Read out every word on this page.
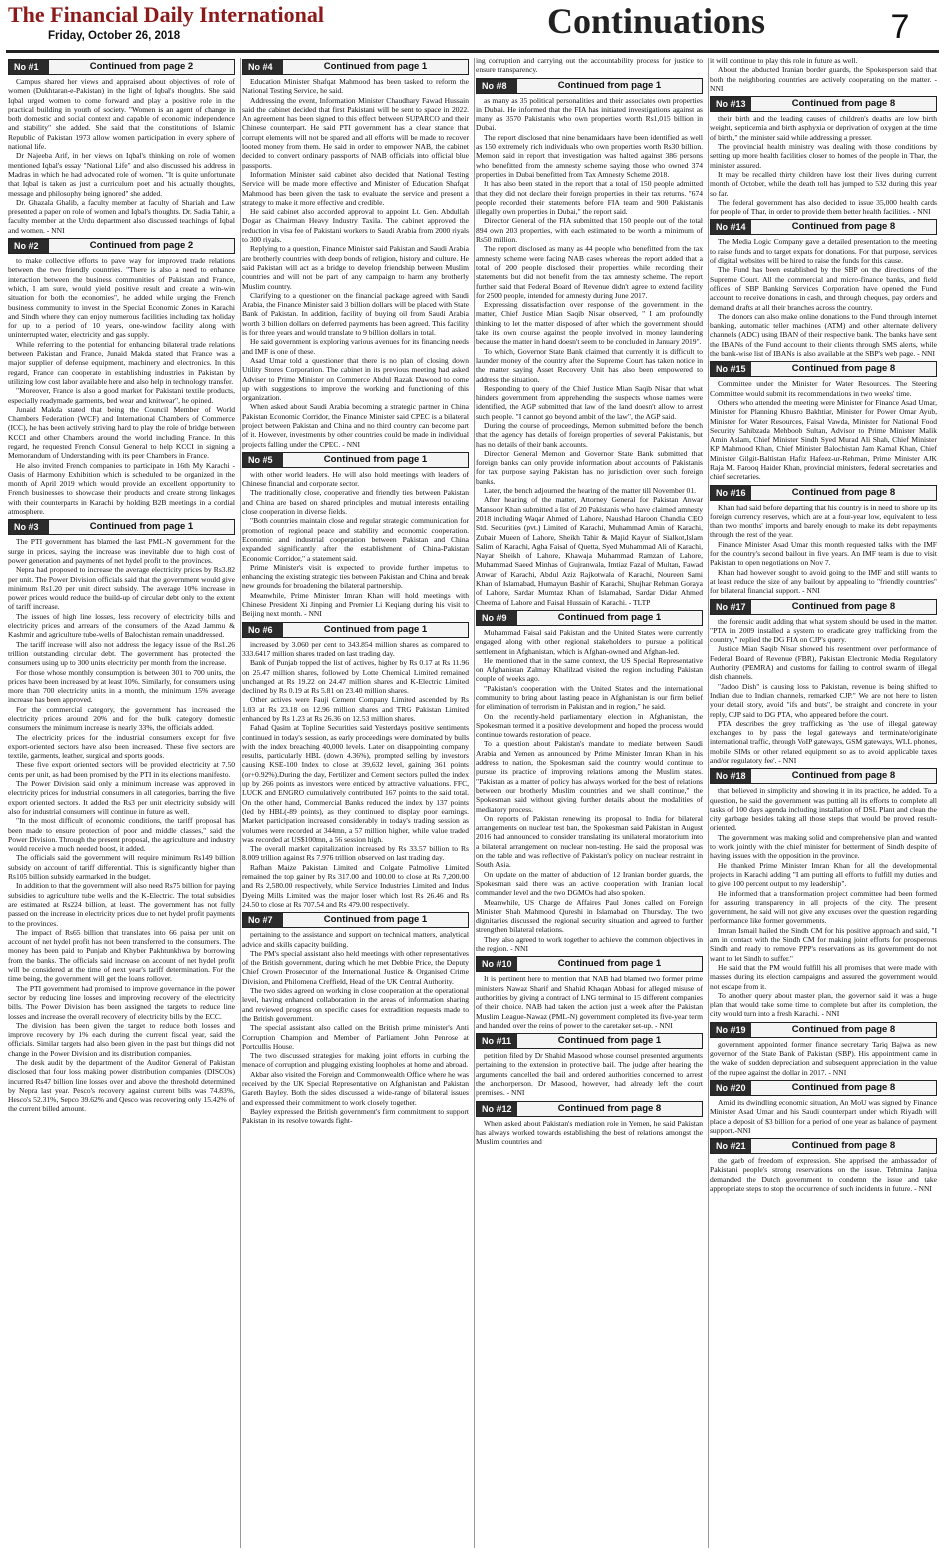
The Financial Daily International
Friday, October 26, 2018	Continuations	7
No #1	Continued from page 2

Campus shared her views and appraised about objectives of role of women (Dukhtaran-e-Pakistan) in the light of Iqbal's thoughts. She said Iqbal urged women to come forward and play a positive role in the practical building in youth of society. "Women is an agent of change in both domestic and social context and capable of economic independence and stability" she added. She said that the constitutions of Islamic Republic of Pakistan 1973 allow women participation in every sphere of national life.

Dr Najeeba Arif, in her views on Iqbal's thinking on role of women mentioned Iqbal's essay "National Life" and also discussed his address in Madras in which he had advocated role of women. "It is quite unfortunate that Iqbal is taken as just a curriculum poet and his actually thoughts, message and philosophy being ignored" she added.

Dr. Ghazala Ghalib, a faculty member at faculty of Shariah and Law presented a paper on role of women and Iqbal's thoughts. Dr. Sadia Tahir, a faculty member at the Urdu department also discussed teachings of Iqbal and women. - NNI

No #2	Continued from page 2

to make collective efforts to pave way for improved trade relations between the two friendly countries. "There is also a need to enhance interaction between the business communities of Pakistan and France, which, I am sure, would yield positive result and create a win-win situation for both the economies", he added while urging the French business community to invest in the Special Economic Zones in Karachi and Sindh where they can enjoy numerous facilities including tax holiday for up to a period of 10 years, one-window facility along with uninterrupted water, electricity and gas supply.

While referring to the potential for enhancing bilateral trade relations between Pakistan and France, Junaid Makda stated that France was a major supplier of defense equipment, machinery and electronics. In this regard, France can cooperate in establishing industries in Pakistan by utilizing low cost labor available here and also help in technology transfer.

"Moreover, France is also a good market for Pakistani textile products, especially readymade garments, bed wear and knitwear", he opined.

Junaid Makda stated that being the Council Member of World Chambers Federation (WCF) and International Chambers of Commerce (ICC), he has been actively striving hard to play the role of bridge between KCCI and other Chambers around the world including France. In this regard, he requested French Consul General to help KCCI in signing a Memorandum of Understanding with its peer Chambers in France.

He also invited French companies to participate in 16th My Karachi - Oasis of Harmony Exhibition which is scheduled to be organized in the month of April 2019 which would provide an excellent opportunity to French businesses to showcase their products and create strong linkages with their counterparts in Karachi by holding B2B meetings in a cordial atmosphere.

No #3	Continued from page 1

The PTI government has blamed the last PML-N government for the surge in prices, saying the increase was inevitable due to high cost of power generation and payments of net hydel profit to the provinces.

Nepra had proposed to increase the average electricity prices by Rs3.82 per unit. The Power Division officials said that the government would give minimum Rs1.20 per unit direct subsidy. The average 10% increase in power prices would reduce the build-up of circular debt only to the extent of tariff increase.

The issues of high line losses, less recovery of electricity bills and electricity prices and arrears of the consumers of the Azad Jammu & Kashmir and agriculture tube-wells of Balochistan remain unaddressed.

The tariff increase will also not address the legacy issue of the Rs1.26 trillion outstanding circular debt. The government has protected the consumers using up to 300 units electricity per month from the increase.

For those whose monthly consumption is between 301 to 700 units, the prices have been increased by at least 10%. Similarly, for consumers using more than 700 electricity units in a month, the minimum 15% average increase has been approved.

For the commercial category, the government has increased the electricity prices around 20% and for the bulk category domestic consumers the minimum increase is nearly 33%, the officials added.

The electricity prices for the industrial consumers except for five export-oriented sectors have also been increased. These five sectors are textile, garments, leather, surgical and sports goods.

These five export oriented sectors will be provided electricity at 7.50 cents per unit, as had been promised by the PTI in its elections manifesto.

The Power Division said only a minimum increase was approved in electricity prices for industrial consumers in all categories, barring the five export oriented sectors. It added the Rs3 per unit electricity subsidy will also for industrial consumers will continue in future as well.

"In the most difficult of economic conditions, the tariff proposal has been made to ensure protection of poor and middle classes," said the Power Division. Through the present proposal, the agriculture and industry would receive a much needed boost, it added.

The officials said the government will require minimum Rs149 billion subsidy on account of tariff differential. This is significantly higher than Rs105 billion subsidy earmarked in the budget.

In addition to that the government will also need Rs75 billion for paying subsidies to agriculture tube wells and the K-Electric. The total subsidies are estimated at Rs224 billion, at least. The government has not fully passed on the increase in electricity prices due to net hydel profit payments to the provinces.

The impact of Rs65 billion that translates into 66 paisa per unit on account of net hydel profit has not been transferred to the consumers. The money has been paid to Punjab and Khyber Pakhtunkhwa by borrowing from the banks. The officials said increase on account of net hydel profit will be considered at the time of next year's tariff determination. For the time being, the government will get the loans rollover.

The PTI government had promised to improve governance in the power sector by reducing line losses and improving recovery of the electricity bills. The Power Division has been assigned the targets to reduce line losses and increase the overall recovery of electricity bills by the ECC.

The division has been given the target to reduce both losses and improve recovery by 1% each during the current fiscal year, said the officials. Similar targets had also been given in the past but things did not change in the Power Division and its distribution companies.

The desk audit by the department of the Auditor General of Pakistan disclosed that four loss making power distribution companies (DISCOs) incurred Rs47 billion line losses over and above the threshold determined by Nepra last year. Pesco's recovery against current bills was 74.83%, Hesco's 52.31%, Sepco 39.62% and Qesco was recovering only 15.42% of the current billed amount.

No #4	Continued from page 1

Education Minister Shafqat Mahmood has been tasked to reform the National Testing Service, he said.

Addressing the event, Information Minister Chaudhary Fawad Hussain said the cabinet decided that first Pakistani will be sent to space in 2022. An agreement has been signed to this effect between SUPARCO and their Chinese counterpart. He said PTI government has a clear stance that corrupt elements will not be spared and all efforts will be made to recover looted money from them. He said in order to empower NAB, the cabinet decided to convert ordinary passports of NAB officials into official blue passports.

Information Minister said cabinet also decided that National Testing Service will be made more effective and Minister of Education Shafqat Mahmood has been given the task to evaluate the service and present a strategy to make it more effective and credible.

He said cabinet also accorded approval to appoint Lt. Gen. Abdullah Dogar as Chairman Heavy Industry Taxila. The cabinet approved the reduction in visa fee of Pakistani workers to Saudi Arabia from 2000 riyals to 300 riyals.

Replying to a question, Finance Minister said Pakistan and Saudi Arabia are brotherly countries with deep bonds of religion, history and culture. He said Pakistan will act as a bridge to develop friendship between Muslim countries and will not be part of any campaign to harm any brotherly Muslim country.

Clarifying to a questioner on the financial package agreed with Saudi Arabia, the Finance Minister said 3 billion dollars will be placed with State Bank of Pakistan. In addition, facility of buying oil from Saudi Arabia worth 3 billion dollars on deferred payments has been agreed. This facility is for three years and would translate to 9 billion dollars in total.

He said government is exploring various avenues for its financing needs and IMF is one of these.

Asad Umar told a questioner that there is no plan of closing down Utility Stores Corporation. The cabinet in its previous meeting had asked Adviser to Prime Minister on Commerce Abdul Razak Dawood to come up with suggestions to improve the working and functioning of this organization.

When asked about Saudi Arabia becoming a strategic partner in China Pakistan Economic Corridor, the Finance Minister said CPEC is a bilateral project between Pakistan and China and no third country can become part of it. However, investments by other countries could be made in individual projects falling under the CPEC. - NNI

No #5	Continued from page 1

with other world leaders. He will also hold meetings with leaders of Chinese financial and corporate sector.

The traditionally close, cooperative and friendly ties between Pakistan and China are based on shared principles and mutual interests entailing close cooperation in diverse fields.

"Both countries maintain close and regular strategic communication for promotion of regional peace and stability and economic cooperation. Economic and industrial cooperation between Pakistan and China expanded significantly after the establishment of China-Pakistan Economic Corridor," a statement said.

Prime Minister's visit is expected to provide further impetus to enhancing the existing strategic ties between Pakistan and China and break new grounds for broadening the bilateral partnership.

Meanwhile, Prime Minister Imran Khan will hold meetings with Chinese President Xi Jinping and Premier Li Keqiang during his visit to Beijing next month. - NNI

No #6	Continued from page 1

increased by 3.060 per cent to 343.854 million shares as compared to 333.6417 million shares traded on last trading day.

Bank of Punjab topped the list of actives, higher by Rs 0.17 at Rs 11.96 on 25.47 million shares, followed by Lotte Chemical Limited remained unchanged at Rs 19.22 on 24.47 million shares and K-Electric Limited declined by Rs 0.19 at Rs 5.81 on 23.40 million shares.

Other actives were Fauji Cement Company Limited ascended by Rs 1.03 at Rs 23.18 on 12.96 million shares and TRG Pakistan Limited enhanced by Rs 1.23 at Rs 26.36 on 12.53 million shares.

Fahad Qasim at Topline Securities said Yesterdays positive sentiments continued in today's session, as early proceedings were dominated by bulls with the index breaching 40,000 levels. Later on disappointing company results, particularly HBL (down 4.36%), prompted selling by investors causing KSE-100 Index to close at 39,632 level, gaining 361 points (or+0.92%).During the day, Fertilizer and Cement sectors pulled the index up by 266 points as investors were enticed by attractive valuations. FFC, LUCK and ENGRO cumulatively contributed 167 points to the said total. On the other hand, Commercial Banks reduced the index by 137 points (led by HBL(-89 points), as they continued to display poor earnings. Market participation increased considerably in today's trading session as volumes were recorded at 344mn, a 57 million higher, while value traded was recorded at US$100mn, a 56 session high.

The overall market capitalization increased by Rs 33.57 billion to Rs 8.009 trillion against Rs 7.976 trillion observed on last trading day.

Rafhan Maize Pakistan Limited and Colgate Palmolive Limited remained the top gainer by Rs 317.00 and 100.00 to close at Rs 7,200.00 and Rs 2,580.00 respectively, while Service Industries Limited and Indus Dyeing Mills Limited was the major loser which lost Rs 26.46 and Rs 24.50 to close at Rs 707.54 and Rs 479.00 respectively.

No #7	Continued from page 1

pertaining to the assistance and support on technical matters, analytical advice and skills capacity building.

The PM's special assistant also held meetings with other representatives of the British government, during which he met Debbie Price, the Deputy Chief Crown Prosecutor of the International Justice & Organised Crime Division, and Philomena Creffield, Head of the UK Central Authority.

The two sides agreed on working in close cooperation at the operational level, having enhanced collaboration in the areas of information sharing and reviewed progress on specific cases for extradition requests made to the British government.

The special assistant also called on the British prime minister's Anti Corruption Champion and Member of Parliament John Penrose at Portcullis House.

The two discussed strategies for making joint efforts in curbing the menace of corruption and plugging existing loopholes at home and abroad.

Akbar also visited the Foreign and Commonwealth Office where he was received by the UK Special Representative on Afghanistan and Pakistan Gareth Bayley. Both the sides discussed a wide-range of bilateral issues and expressed their commitment to work closely together.

Bayley expressed the British government's firm commitment to support Pakistan in its resolve towards fight-

ing corruption and carrying out the accountability process for justice to ensure transparency.

No #8	Continued from page 1

as many as 35 political personalities and their associates own properties in Dubai. He informed that the FIA has initiated investigations against as many as 3570 Pakistanis who own properties worth Rs1,015 billion in Dubai.

The report disclosed that nine benamidaars have been identified as well as 150 extremely rich individuals who own properties worth Rs30 billion. Memon said in report that investigation was halted against 386 persons who benefitted from the amnesty scheme saying those who owned 374 properties in Dubai benefitted from Tax Amnesty Scheme 2018.

It has also been stated in the report that a total of 150 people admitted that they did not declare their foreign properties in their tax returns. "674 people recorded their statements before FIA team and 900 Pakistanis illegally own properties in Dubai," the report said.

Director General of the FIA submitted that 150 people out of the total 894 own 203 properties, with each estimated to be worth a minimum of Rs50 million.

The report disclosed as many as 44 people who benefitted from the tax amnesty scheme were facing NAB cases whereas the report added that a total of 200 people disclosed their properties while recording their statements but did not benefit from the tax amnesty scheme. The report further said that Federal Board of Revenue didn't agree to extend facility for 2500 people, intended for amnesty during June 2017.

Expressing dissatisfaction over response of the government in the matter, Chief Justice Mian Saqib Nisar observed, " I am profoundly thinking to let the matter disposed of after which the government should take its own course against the people involved in money laundering because the matter in hand doesn't seem to be concluded in January 2019".

To which, Governor State Bank claimed that currently it is difficult to launder money of the country after the Supreme Court has taken notice in the matter saying Asset Recovery Unit has also been empowered to address the situation.

Responding to query of the Chief Justice Mian Saqib Nisar that what hinders government from apprehending the suspects whose names were identified, the AGP submitted that law of the land doesn't allow to arrest such people. "I cannot go beyond ambit of the law", the AGP said.

During the course of proceedings, Memon submitted before the bench that the agency has details of foreign properties of several Pakistanis, but has no details of their bank accounts.

Director General Memon and Governor State Bank submitted that foreign banks can only provide information about accounts of Pakistanis for tax purpose saying Pakistan has no jurisdiction over such foreign banks.

Later, the bench adjourned the hearing of the matter till November 01.

After hearing of the matter, Attorney General for Pakistan Anwar Mansoor Khan submitted a list of 20 Pakistanis who have claimed amnesty 2018 including Waqar Ahmed of Lahore, Naushad Haroon Chandia CEO Std. Securities (pvt.) Limited of Karachi, Muhammad Amin of Karachi, Zubair Mueen of Lahore, Sheikh Tahir & Majid Kayur of Sialkot,Islam Salim of Karachi, Agha Faisal of Quetta, Syed Muhammad Ali of Karachi, Nayar Sheikh of Lahore, Khawaja Muhammad Ramzan of Lahore, Muhammad Saeed Minhas of Gujranwala, Imtiaz Fazal of Multan, Fawad Anwar of Karachi, Abdul Aziz Rajkotwala of Karachi, Noureen Sami Khan of Islamabad, Humayun Bashir of Karachi, Shujhar Rehman Goraya of Lahore, Sardar Mumtaz Khan of Islamabad, Sardar Didar Ahmed Cheema of Lahore and Faisal Hussain of Karachi. - TLTP

No #9	Continued from page 1

Muhammad Faisal said Pakistan and the United States were currently engaged along with other regional stakeholders to pursue a political settlement in Afghanistan, which is Afghan-owned and Afghan-led.

He mentioned that in the same context, the US Special Representative on Afghanistan Zalmay Khalilzad visited the region including Pakistan couple of weeks ago.

"Pakistan's cooperation with the United States and the international community to bring about lasting peace in Afghanistan is our firm belief for elimination of terrorism in Pakistan and in region," he said.

On the recently-held parliamentary election in Afghanistan, the Spokesman termed it a positive development and hoped the process would continue towards restoration of peace.

To a question about Pakistan's mandate to mediate between Saudi Arabia and Yemen as announced by Prime Minister Imran Khan in his address to nation, the Spokesman said the country would continue to pursue its practice of improving relations among the Muslim states. "Pakistan as a matter of policy has always worked for the best of relations between our brotherly Muslim countries and we shall continue," the Spokesman said without giving further details about the modalities of mediatory process.

On reports of Pakistan renewing its proposal to India for bilateral arrangements on nuclear test ban, the Spokesman said Pakistan in August 2016 had announced to consider translating its unilateral moratorium into a bilateral arrangement on nuclear non-testing. He said the proposal was on the table and was reflective of Pakistan's policy on nuclear restraint in South Asia.

On update on the matter of abduction of 12 Iranian border guards, the Spokesman said there was an active cooperation with Iranian local commander level and the two DGMOs had also spoken.

Meanwhile, US Charge de Affaires Paul Jones called on Foreign Minister Shah Mahmood Qureshi in Islamabad on Thursday. The two dignitaries discussed the regional security situation and agreed to further strengthen bilateral relations.

They also agreed to work together to achieve the common objectives in the region. - NNI

No #10	Continued from page 1

It is pertinent here to mention that NAB had blamed two former prime ministers Nawaz Sharif and Shahid Khaqan Abbasi for alleged misuse of authorities by giving a contract of LNG terminal to 15 different companies of their choice. NAB had taken the action just a week after the Pakistan Muslim League-Nawaz (PML-N) government completed its five-year term and handed over the reins of power to the caretaker set-up. - NNI

No #11	Continued from page 1

petition filed by Dr Shahid Masood whose counsel presented arguments pertaining to the extension in protective bail. The judge after hearing the arguments cancelled the bail and ordered authorities concerned to arrest the anchorperson. Dr Masood, however, had already left the court premises. - NNI

No #12	Continued from page 8

When asked about Pakistan's mediation role in Yemen, he said Pakistan has always worked towards establishing the best of relations amongst the Muslim countries and

it will continue to play this role in future as well.

About the abducted Iranian border guards, the Spokesperson said that both the neighboring countries are actively cooperating on the matter. - NNI

No #13	Continued from page 8

their birth and the leading causes of children's deaths are low birth weight, septicemia and birth asphyxia or deprivation of oxygen at the time of birth," the minister said while addressing a presser.

The provincial health ministry was dealing with those conditions by setting up more health facilities closer to homes of the people in Thar, the minister assured.

It may be recalled thirty children have lost their lives during current month of October, while the death toll has jumped to 532 during this year so far.

The federal government has also decided to issue 35,000 health cards for people of Thar, in order to provide them better health facilities. - NNI

No #14	Continued from page 8

The Media Logic Company gave a detailed presentation to the meeting to raise funds and to target expats for donations. For that purpose, services of digital websites will be hired to raise the funds for this cause.

The Fund has been established by the SBP on the directions of the Supreme Court. All the commercial and micro-finance banks, and field offices of SBP Banking Services Corporation have opened the Fund account to receive donations in cash, and through cheques, pay orders and demand drafts at all their branches across the country.

The donors can also make online donations to the Fund through internet banking, automatic teller machines (ATM) and other alternate delivery channels (ADC) using IBAN of their respective bank. The banks have sent the IBANs of the Fund account to their clients through SMS alerts, while the bank-wise list of IBANs is also available at the SBP's web page. - NNI

No #15	Continued from page 8

Committee under the Minister for Water Resources. The Steering Committee would submit its recommendations in two weeks' time.

Others who attended the meeting were Minister for Finance Asad Umar, Minister for Planning Khusro Bakhtiar, Minister for Power Omar Ayub, Minister for Water Resources, Faisal Vawda, Minister for National Food Security Sahibzada Mehboob Sultan, Advisor to Prime Minister Malik Amin Aslam, Chief Minister Sindh Syed Murad Ali Shah, Chief Minister KP Mahmood Khan, Chief Minister Balochistan Jam Kamal Khan, Chief Minister Gilgit-Baltistan Hafiz Hafeez-ur-Rehman, Prime Minister AJK Raja M. Farooq Haider Khan, provincial ministers, federal secretaries and chief secretaries.

No #16	Continued from page 8

Khan had said before departing that his country is in need to shore up its foreign currency reserves, which are at a four-year low, equivalent to less than two months' imports and barely enough to make its debt repayments through the rest of the year.

Finance Minister Asad Umar this month requested talks with the IMF for the country's second bailout in five years. An IMF team is due to visit Pakistan to open negotiations on Nov 7.

Khan had however sought to avoid going to the IMF and still wants to at least reduce the size of any bailout by appealing to "friendly countries" for bilateral financial support. - NNI

No #17	Continued from page 8

the forensic audit adding that what system should be used in the matter. "PTA in 2009 installed a system to eradicate grey trafficking from the country," replied the DG FIA on CJP's query.

Justice Mian Saqib Nisar showed his resentment over performance of Federal Board of Revenue (FBR), Pakistan Electronic Media Regulatory Authority (PEMRA) and customs for failing to control swarm of illegal dish channels.

"Jadoo Dish" is causing loss to Pakistan, revenue is being shifted to Indian due to Indian channels, remarked CJP." We are not here to listen your detail story, avoid "ifs and buts", be straight and concrete in your reply, CJP said to DG PTA, who appeared before the court.

PTA describes the grey trafficking as 'the use of illegal gateway exchanges to by pass the legal gateways and terminate/originate international traffic, through VoIP gateways, GSM gateways, WLL phones, mobile SIMs or other related equipment so as to avoid applicable taxes and/or regulatory fee'. - NNI

No #18	Continued from page 8

that believed in simplicity and showing it in its practice, he added. To a question, he said the government was putting all its efforts to complete all tasks of 100 days agenda including installation of DSL Plant and clean the city garbage besides taking all those steps that would be proved result-oriented.

The government was making solid and comprehensive plan and wanted to work jointly with the chief minister for betterment of Sindh despite of having issues with the opposition in the province.

He thanked Prime Minister Imran Khan for all the developmental projects in Karachi adding "I am putting all efforts to fulfill my duties and to give 100 percent output to my leadership".

He informed that a transformation project committee had been formed for assuring transparency in all projects of the city. The present government, he said will not give any excuses over the question regarding performance like former governments.

Imran Ismail hailed the Sindh CM for his positive approach and said, "I am in contact with the Sindh CM for making joint efforts for prosperous Sindh and ready to remove PPP's reservations as its government do not want to let Sindh to suffer."

He said that the PM would fulfill his all promises that were made with masses during its election campaigns and assured the government would not escape from it.

To another query about master plan, the governor said it was a huge plan that would take some time to complete but after its completion, the city would turn into a fresh Karachi. - NNI

No #19	Continued from page 8

government appointed former finance secretary Tariq Bajwa as new governor of the State Bank of Pakistan (SBP). His appointment came in the wake of sudden depreciation and subsequent appreciation in the value of the rupee against the dollar in 2017. - NNI

No #20	Continued from page 8

Amid its dwindling economic situation, An MoU was signed by Finance Minister Asad Umar and his Saudi counterpart under which Riyadh will place a deposit of $3 billion for a period of one year as balance of payment support.-NNI

No #21	Continued from page 8

the garb of freedom of expression. She apprised the ambassador of Pakistani people's strong reservations on the issue. Tehmina Janjua demanded the Dutch government to condemn the issue and take appropriate steps to stop the occurrence of such incidents in future. - NNI
